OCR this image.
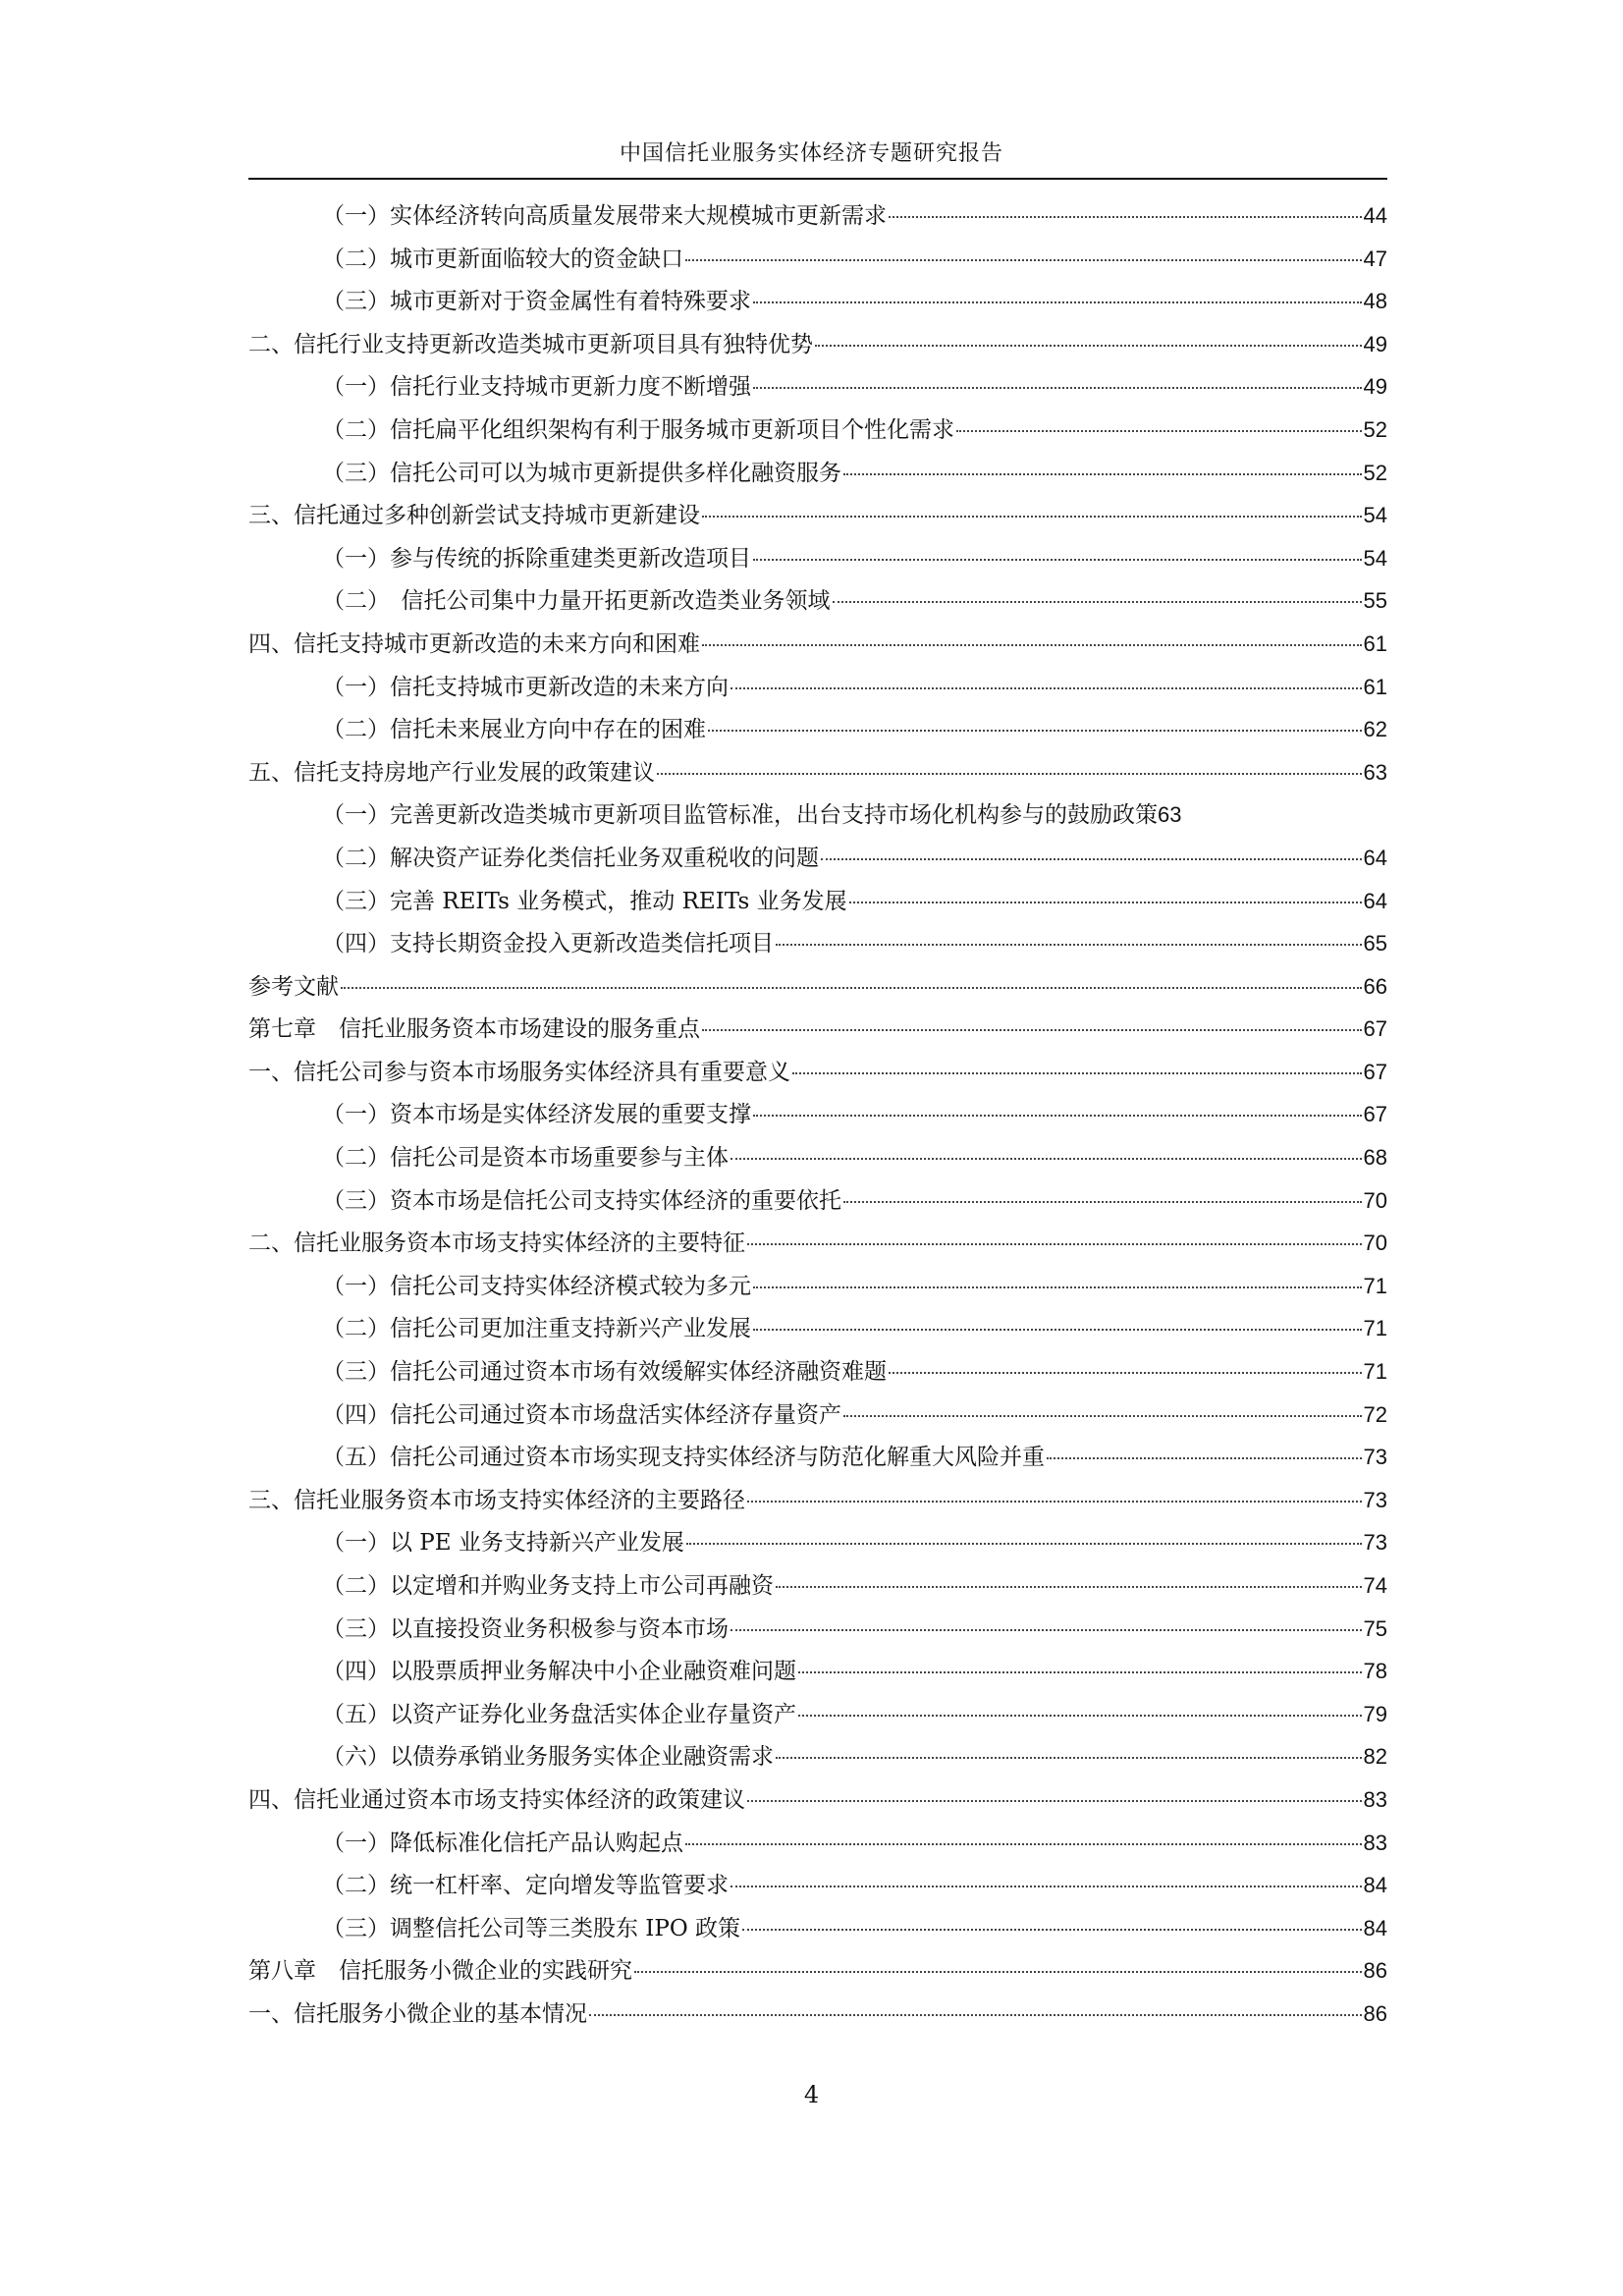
中国信托业服务实体经济专题研究报告
（一）实体经济转向高质量发展带来大规模城市更新需求	44
（二）城市更新面临较大的资金缺口	47
（三）城市更新对于资金属性有着特殊要求	48
二、信托行业支持更新改造类城市更新项目具有独特优势	49
（一）信托行业支持城市更新力度不断增强	49
（二）信托扁平化组织架构有利于服务城市更新项目个性化需求	52
（三）信托公司可以为城市更新提供多样化融资服务	52
三、信托通过多种创新尝试支持城市更新建设	54
（一）参与传统的拆除重建类更新改造项目	54
（二）　信托公司集中力量开拓更新改造类业务领域	55
四、信托支持城市更新改造的未来方向和困难	61
（一）信托支持城市更新改造的未来方向	61
（二）信托未来展业方向中存在的困难	62
五、信托支持房地产行业发展的政策建议	63
（一）完善更新改造类城市更新项目监管标准，出台支持市场化机构参与的鼓励政策 63
（二）解决资产证券化类信托业务双重税收的问题	64
（三）完善 REITs 业务模式，推动 REITs 业务发展	64
（四）支持长期资金投入更新改造类信托项目	65
参考文献	66
第七章　信托业服务资本市场建设的服务重点	67
一、信托公司参与资本市场服务实体经济具有重要意义	67
（一）资本市场是实体经济发展的重要支撑	67
（二）信托公司是资本市场重要参与主体	68
（三）资本市场是信托公司支持实体经济的重要依托	70
二、信托业服务资本市场支持实体经济的主要特征	70
（一）信托公司支持实体经济模式较为多元	71
（二）信托公司更加注重支持新兴产业发展	71
（三）信托公司通过资本市场有效缓解实体经济融资难题	71
（四）信托公司通过资本市场盘活实体经济存量资产	72
（五）信托公司通过资本市场实现支持实体经济与防范化解重大风险并重	73
三、信托业服务资本市场支持实体经济的主要路径	73
（一）以 PE 业务支持新兴产业发展	73
（二）以定增和并购业务支持上市公司再融资	74
（三）以直接投资业务积极参与资本市场	75
（四）以股票质押业务解决中小企业融资难问题	78
（五）以资产证券化业务盘活实体企业存量资产	79
（六）以债券承销业务服务实体企业融资需求	82
四、信托业通过资本市场支持实体经济的政策建议	83
（一）降低标准化信托产品认购起点	83
（二）统一杠杆率、定向增发等监管要求	84
（三）调整信托公司等三类股东 IPO 政策	84
第八章　信托服务小微企业的实践研究	86
一、信托服务小微企业的基本情况	86
4
